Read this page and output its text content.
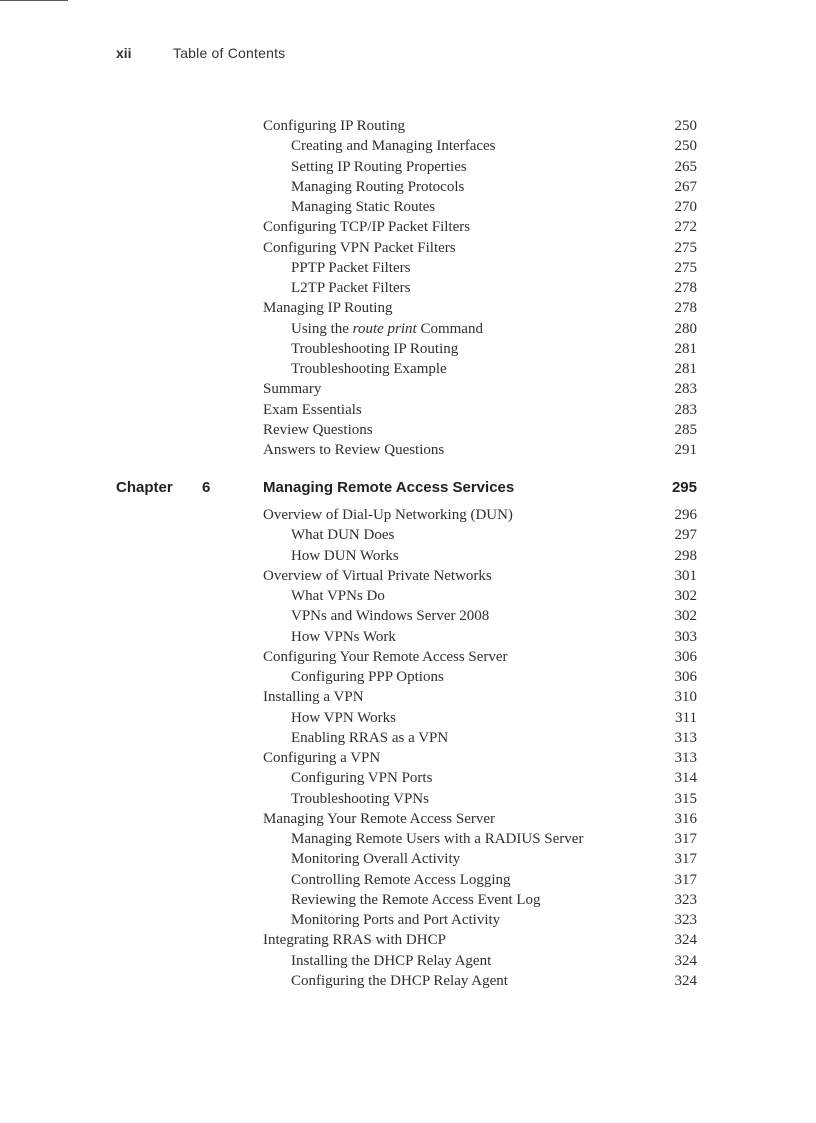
xii	Table of Contents
Configuring IP Routing	250
Creating and Managing Interfaces	250
Setting IP Routing Properties	265
Managing Routing Protocols	267
Managing Static Routes	270
Configuring TCP/IP Packet Filters	272
Configuring VPN Packet Filters	275
PPTP Packet Filters	275
L2TP Packet Filters	278
Managing IP Routing	278
Using the route print Command	280
Troubleshooting IP Routing	281
Troubleshooting Example	281
Summary	283
Exam Essentials	283
Review Questions	285
Answers to Review Questions	291
Chapter 6	Managing Remote Access Services	295
Overview of Dial-Up Networking (DUN)	296
What DUN Does	297
How DUN Works	298
Overview of Virtual Private Networks	301
What VPNs Do	302
VPNs and Windows Server 2008	302
How VPNs Work	303
Configuring Your Remote Access Server	306
Configuring PPP Options	306
Installing a VPN	310
How VPN Works	311
Enabling RRAS as a VPN	313
Configuring a VPN	313
Configuring VPN Ports	314
Troubleshooting VPNs	315
Managing Your Remote Access Server	316
Managing Remote Users with a RADIUS Server	317
Monitoring Overall Activity	317
Controlling Remote Access Logging	317
Reviewing the Remote Access Event Log	323
Monitoring Ports and Port Activity	323
Integrating RRAS with DHCP	324
Installing the DHCP Relay Agent	324
Configuring the DHCP Relay Agent	324
